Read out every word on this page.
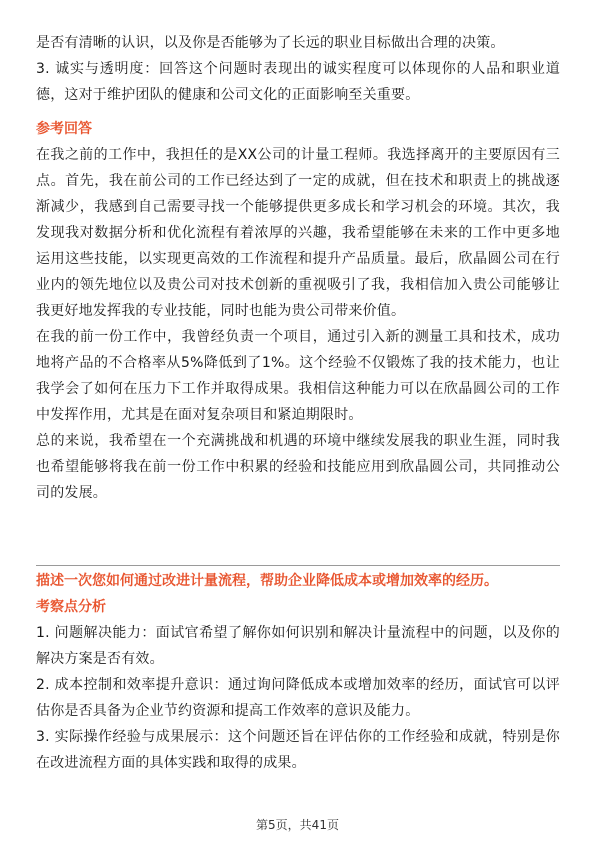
是否有清晰的认识，以及你是否能够为了长远的职业目标做出合理的决策。

3. 诚实与透明度：回答这个问题时表现出的诚实程度可以体现你的人品和职业道德，这对于维护团队的健康和公司文化的正面影响至关重要。

参考回答

在我之前的工作中，我担任的是XX公司的计量工程师。我选择离开的主要原因有三点。首先，我在前公司的工作已经达到了一定的成就，但在技术和职责上的挑战逐渐减少，我感到自己需要寻找一个能够提供更多成长和学习机会的环境。其次，我发现我对数据分析和优化流程有着浓厚的兴趣，我希望能够在未来的工作中更多地运用这些技能，以实现更高效的工作流程和提升产品质量。最后，欣晶圆公司在行业内的领先地位以及贵公司对技术创新的重视吸引了我，我相信加入贵公司能够让我更好地发挥我的专业技能，同时也能为贵公司带来价值。

在我的前一份工作中，我曾经负责一个项目，通过引入新的测量工具和技术，成功地将产品的不合格率从5%降低到了1%。这个经验不仅锻炼了我的技术能力，也让我学会了如何在压力下工作并取得成果。我相信这种能力可以在欣晶圆公司的工作中发挥作用，尤其是在面对复杂项目和紧迫期限时。

总的来说，我希望在一个充满挑战和机遇的环境中继续发展我的职业生涯，同时我也希望能够将我在前一份工作中积累的经验和技能应用到欣晶圆公司，共同推动公司的发展。

描述一次您如何通过改进计量流程，帮助企业降低成本或增加效率的经历。

考察点分析

1. 问题解决能力：面试官希望了解你如何识别和解决计量流程中的问题，以及你的解决方案是否有效。

2. 成本控制和效率提升意识：通过询问降低成本或增加效率的经历，面试官可以评估你是否具备为企业节约资源和提高工作效率的意识及能力。

3. 实际操作经验与成果展示：这个问题还旨在评估你的工作经验和成就，特别是你在改进流程方面的具体实践和取得的成果。

第5页，共41页
